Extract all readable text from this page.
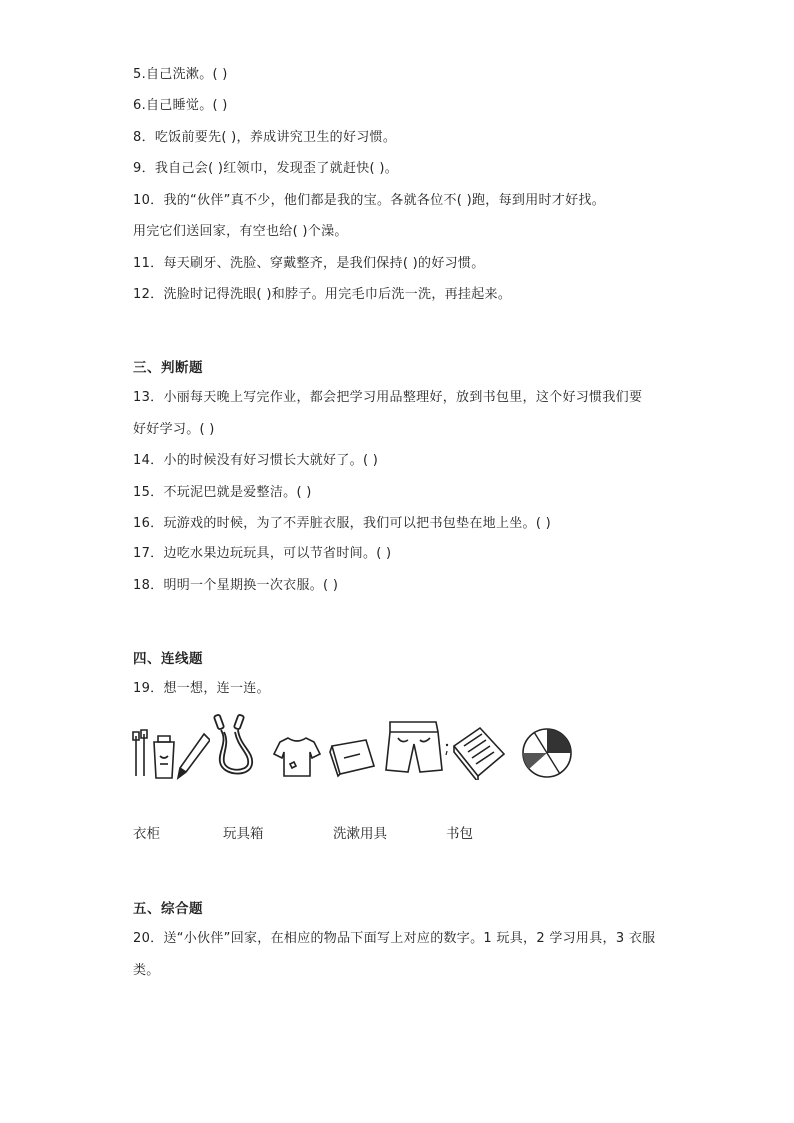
5.自己洗漱。( )
6.自己睡觉。( )
8．吃饭前要先( )，养成讲究卫生的好习惯。
9．我自己会( )红领巾，发现歪了就赶快( )。
10．我的“伙伴”真不少，他们都是我的宝。各就各位不( )跑，每到用时才好找。
用完它们送回家，有空也给( )个澡。
11．每天刷牙、洗脸、穿戴整齐，是我们保持( )的好习惯。
12．洗脸时记得洗眼( )和脖子。用完毛巾后洗一洗，再挂起来。
三、判断题
13．小丽每天晚上写完作业，都会把学习用品整理好，放到书包里，这个好习惯我们要
好好学习。( )
14．小的时候没有好习惯长大就好了。( )
15．不玩泥巴就是爱整洁。( )
16．玩游戏的时候，为了不弄脏衣服，我们可以把书包垫在地上坐。( )
17．边吃水果边玩玩具，可以节省时间。( )
18．明明一个星期换一次衣服。( )
四、连线题
19．想一想，连一连。
衣柜	玩具箱	洗漱用具	书包
五、综合题
20．送“小伙伴”回家，在相应的物品下面写上对应的数字。1 玩具，2 学习用具，3 衣服
类。
